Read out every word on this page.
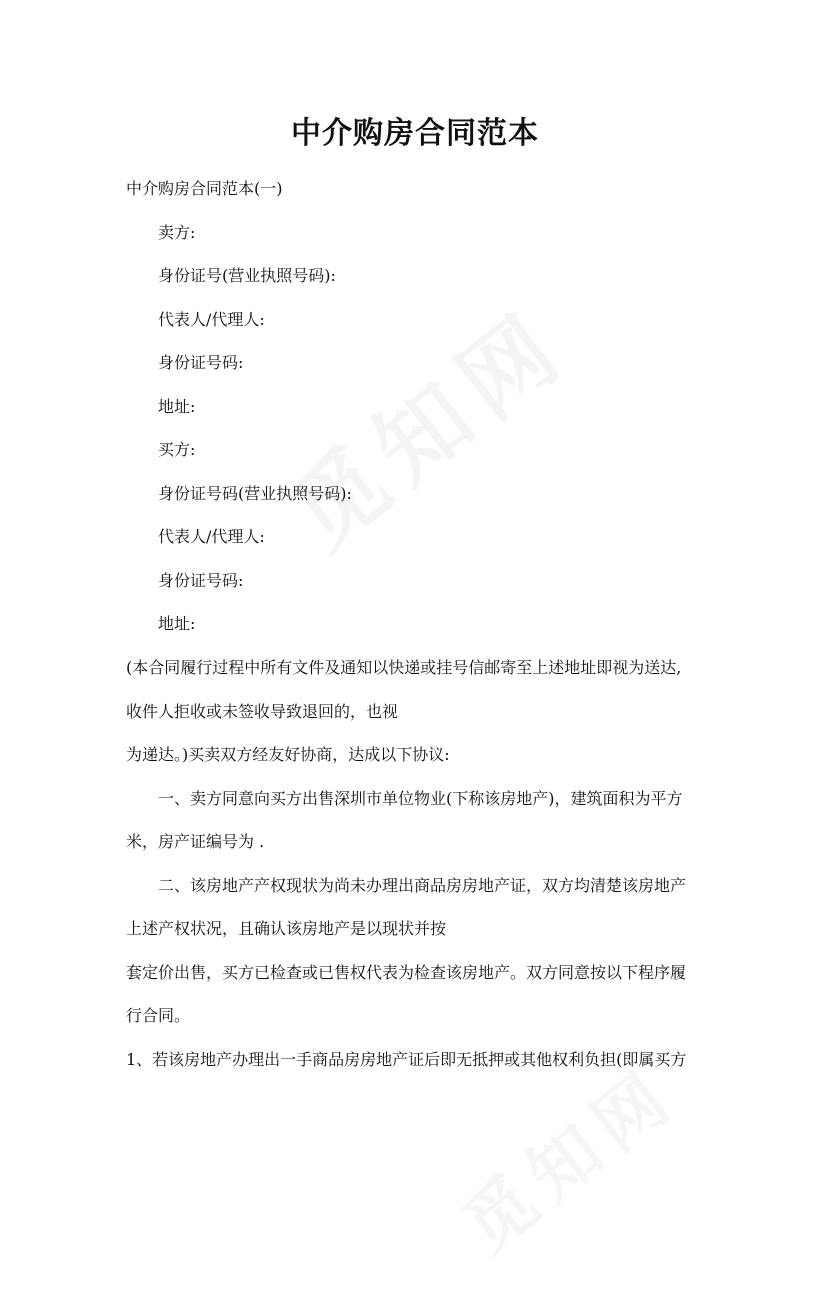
中介购房合同范本
中介购房合同范本(一)
卖方:
身份证号(营业执照号码):
代表人/代理人:
身份证号码:
地址:
买方:
身份证号码(营业执照号码):
代表人/代理人:
身份证号码:
地址:
(本合同履行过程中所有文件及通知以快递或挂号信邮寄至上述地址即视为送达,
收件人拒收或未签收导致退回的，也视
为递达。)买卖双方经友好协商，达成以下协议:
一、卖方同意向买方出售深圳市单位物业(下称该房地产)，建筑面积为平方
米，房产证编号为 .
二、该房地产产权现状为尚未办理出商品房房地产证，双方均清楚该房地产
上述产权状况，且确认该房地产是以现状并按
套定价出售，买方已检查或已售权代表为检查该房地产。双方同意按以下程序履
行合同。
1、若该房地产办理出一手商品房房地产证后即无抵押或其他权利负担(即属买方
